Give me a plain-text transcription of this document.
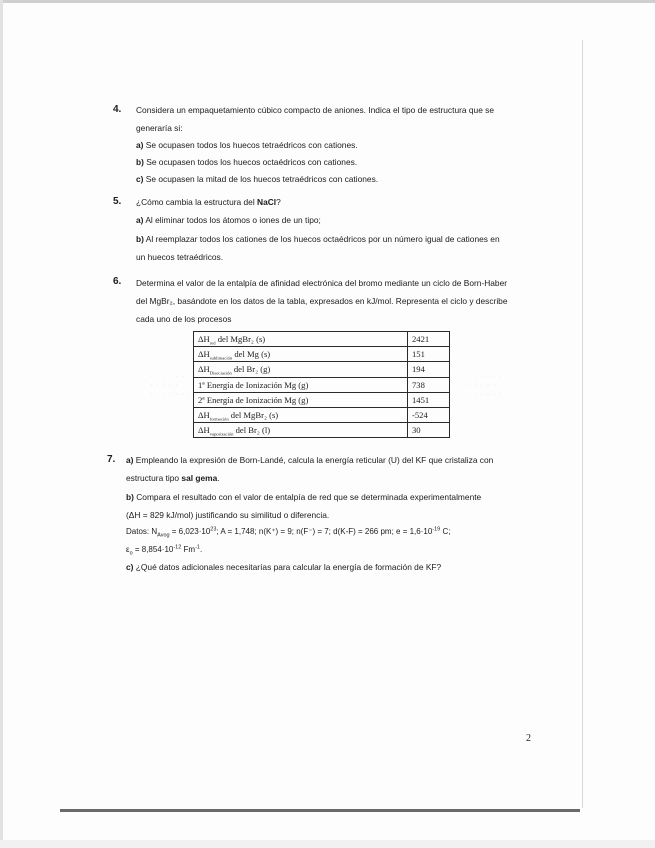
4. Considera un empaquetamiento cúbico compacto de aniones. Indica el tipo de estructura que se
generaría si:
a) Se ocupasen todos los huecos tetraédricos con cationes.
b) Se ocupasen todos los huecos octaédricos con cationes.
c) Se ocupasen la mitad de los huecos tetraédricos con cationes.
5. ¿Cómo cambia la estructura del NaCl?
a) Al eliminar todos los átomos o iones de un tipo;
b) Al reemplazar todos los cationes de los huecos octaédricos por un número igual de cationes en
un huecos tetraédricos.
6. Determina el valor de la entalpía de afinidad electrónica del bromo mediante un ciclo de Born-Haber
del MgBr₂, basándote en los datos de la tabla, expresados en kJ/mol. Representa el ciclo y describe
cada uno de los procesos
· · · · · ·
· · · · ·
· · · · · · ·
· · · · · ·
· · · · ·
· · · · · ·
$\Delta H_{red}$ del MgBr₂ (s)	2421
$\Delta H_{sublimación}$ del Mg (s)	151
$\Delta H_{Disociación}$ del Br₂ (g)	194
1ª Energía de Ionización Mg (g)	738
2ª Energía de Ionización Mg (g)	1451
$\Delta H_{formación}$ del MgBr₂ (s)	-524
$\Delta H_{vaporización}$ del Br₂ (l)	30
7. a) Empleando la expresión de Born-Landé, calcula la energía reticular (U) del KF que cristaliza con
estructura tipo sal gema.
b) Compara el resultado con el valor de entalpía de red que se determinada experimentalmente
(ΔH = 829 kJ/mol) justificando su similitud o diferencia.
Datos: $N_{Avog} = 6,023\cdot 10^{23}$; A = 1,748; n(K⁺) = 9; n(F⁻) = 7; d(K-F) = 266 pm; $e = 1,6\cdot 10^{-19}$ C;
$\varepsilon_o = 8,854\cdot 10^{-12}$ $Fm^{-1}$.
c) ¿Qué datos adicionales necesitarías para calcular la energía de formación de KF?
2
